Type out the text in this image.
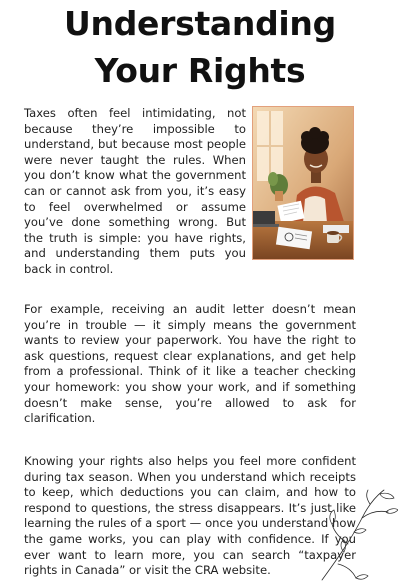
Understanding
Your Rights

Taxes often feel intimidating, not because they’re impossible to understand, but because most people were never taught the rules. When you don’t know what the government can or cannot ask from you, it’s easy to feel overwhelmed or assume you’ve done something wrong. But the truth is simple: you have rights, and understanding them puts you back in control.

For example, receiving an audit letter doesn’t mean you’re in trouble — it simply means the government wants to review your paperwork. You have the right to ask questions, request clear explanations, and get help from a professional. Think of it like a teacher checking your homework: you show your work, and if something doesn’t make sense, you’re allowed to ask for clarification.

Knowing your rights also helps you feel more confident during tax season. When you understand which receipts to keep, which deductions you can claim, and how to respond to questions, the stress disappears. It’s just like learning the rules of a sport — once you understand how the game works, you can play with confidence. If you ever want to learn more, you can search “taxpayer rights in Canada” or visit the CRA website.
